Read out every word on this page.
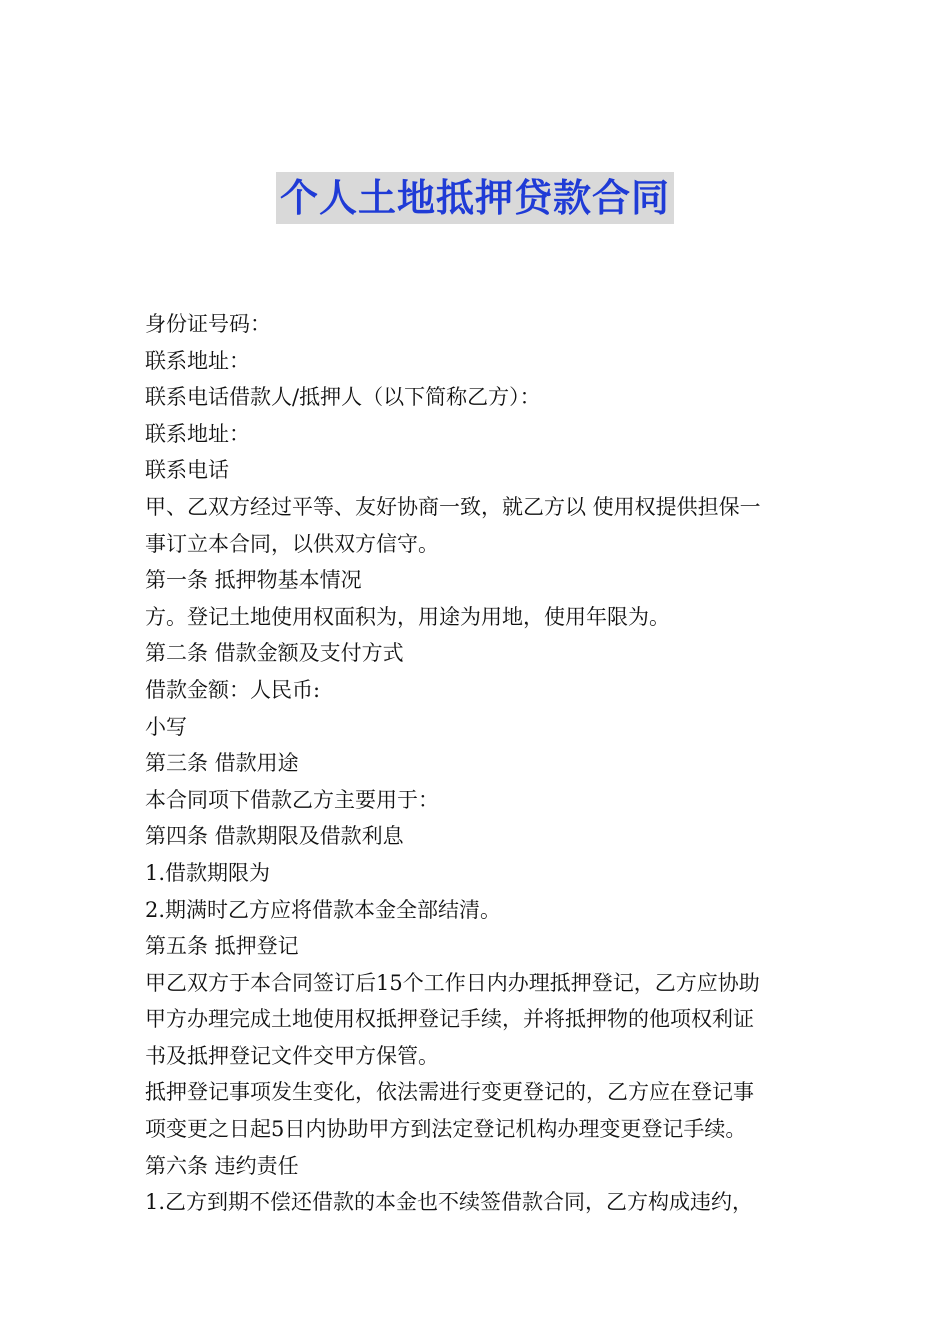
个人土地抵押贷款合同

身份证号码：

联系地址：

联系电话借款人/抵押人（以下简称乙方）：

联系地址：

联系电话

甲、乙双方经过平等、友好协商一致，就乙方以 使用权提供担保一

事订立本合同，以供双方信守。

第一条 抵押物基本情况

方。登记土地使用权面积为，用途为用地，使用年限为。

第二条 借款金额及支付方式

借款金额：人民币:

小写

第三条 借款用途

本合同项下借款乙方主要用于：

第四条 借款期限及借款利息

1.借款期限为

2.期满时乙方应将借款本金全部结清。

第五条 抵押登记

甲乙双方于本合同签订后15个工作日内办理抵押登记，乙方应协助

甲方办理完成土地使用权抵押登记手续，并将抵押物的他项权利证

书及抵押登记文件交甲方保管。

抵押登记事项发生变化，依法需进行变更登记的，乙方应在登记事

项变更之日起5日内协助甲方到法定登记机构办理变更登记手续。

第六条 违约责任

1.乙方到期不偿还借款的本金也不续签借款合同，乙方构成违约，
